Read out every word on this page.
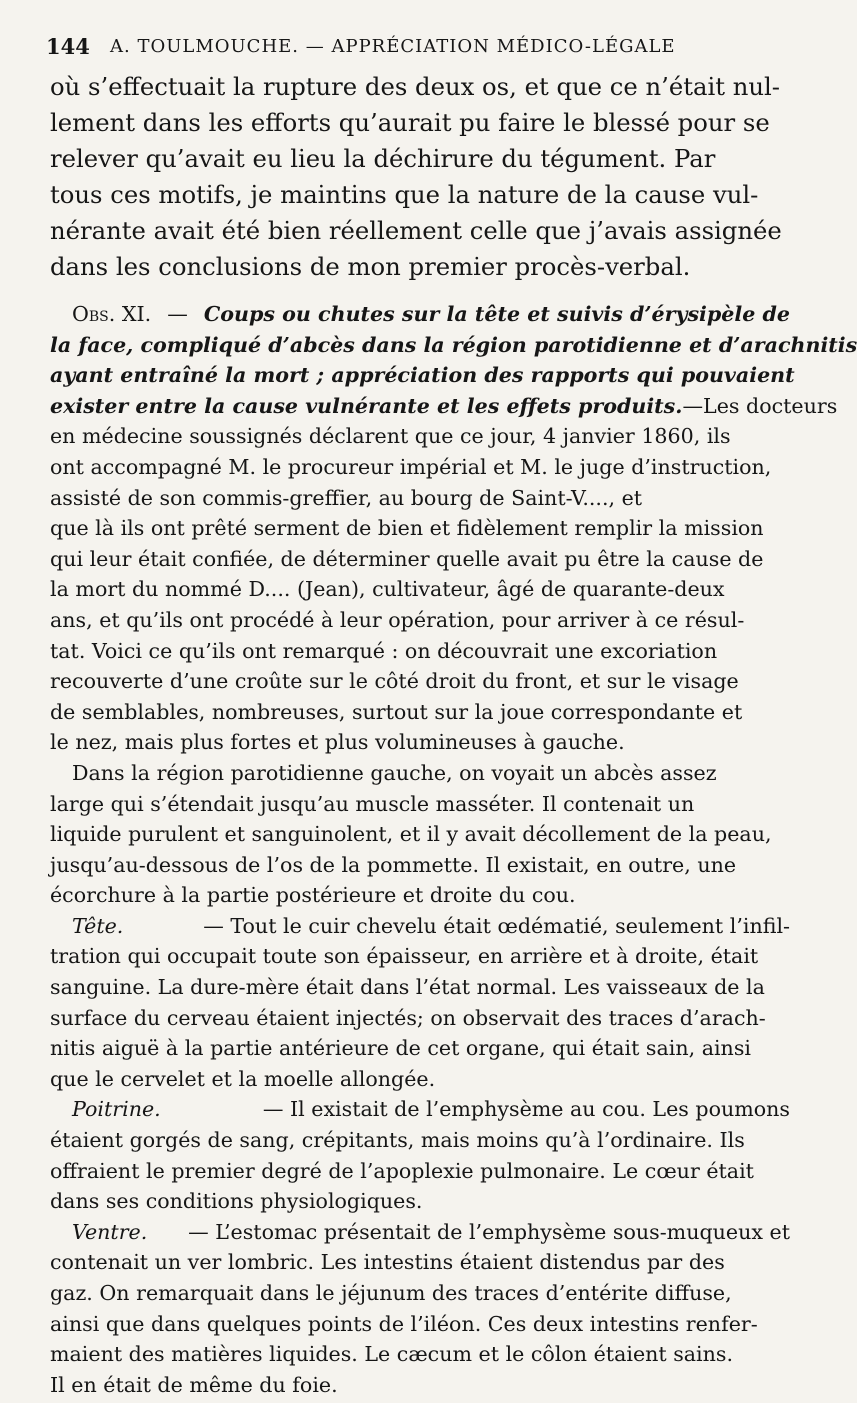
144 A. TOULMOUCHE. — APPRÉCIATION MÉDICO-LÉGALE
où s’effectuait la rupture des deux os, et que ce n’était nul-
lement dans les efforts qu’aurait pu faire le blessé pour se
relever qu’avait eu lieu la déchirure du tégument. Par
tous ces motifs, je maintins que la nature de la cause vul-
nérante avait été bien réellement celle que j’avais assignée
dans les conclusions de mon premier procès-verbal.
Obs. XI. — Coups ou chutes sur la tête et suivis d’érysipèle de
la face, compliqué d’abcès dans la région parotidienne et d’arachnitis
ayant entraîné la mort ; appréciation des rapports qui pouvaient
exister entre la cause vulnérante et les effets produits. —Les docteurs
en médecine soussignés déclarent que ce jour, 4 janvier 1860, ils
ont accompagné M. le procureur impérial et M. le juge d’instruction,
assisté de son commis-greffier, au bourg de Saint-V...., et
que là ils ont prêté serment de bien et fidèlement remplir la mission
qui leur était confiée, de déterminer quelle avait pu être la cause de
la mort du nommé D.... (Jean), cultivateur, âgé de quarante-deux
ans, et qu’ils ont procédé à leur opération, pour arriver à ce résul-
tat. Voici ce qu’ils ont remarqué : on découvrait une excoriation
recouverte d’une croûte sur le côté droit du front, et sur le visage
de semblables, nombreuses, surtout sur la joue correspondante et
le nez, mais plus fortes et plus volumineuses à gauche.
Dans la région parotidienne gauche, on voyait un abcès assez
large qui s’étendait jusqu’au muscle masséter. Il contenait un
liquide purulent et sanguinolent, et il y avait décollement de la peau,
jusqu’au-dessous de l’os de la pommette. Il existait, en outre, une
écorchure à la partie postérieure et droite du cou.
Tête.	— Tout le cuir chevelu était œdématié, seulement l’infil-
tration qui occupait toute son épaisseur, en arrière et à droite, était
sanguine. La dure-mère était dans l’état normal. Les vaisseaux de la
surface du cerveau étaient injectés; on observait des traces d’arach-
nitis aiguë à la partie antérieure de cet organe, qui était sain, ainsi
que le cervelet et la moelle allongée.
Poitrine.	— Il existait de l’emphysème au cou. Les poumons
étaient gorgés de sang, crépitants, mais moins qu’à l’ordinaire. Ils
offraient le premier degré de l’apoplexie pulmonaire. Le cœur était
dans ses conditions physiologiques.
Ventre. — L’estomac présentait de l’emphysème sous-muqueux et
contenait un ver lombric. Les intestins étaient distendus par des
gaz. On remarquait dans le jéjunum des traces d’entérite diffuse,
ainsi que dans quelques points de l’iléon. Ces deux intestins renfer-
maient des matières liquides. Le cæcum et le côlon étaient sains.
Il en était de même du foie.
